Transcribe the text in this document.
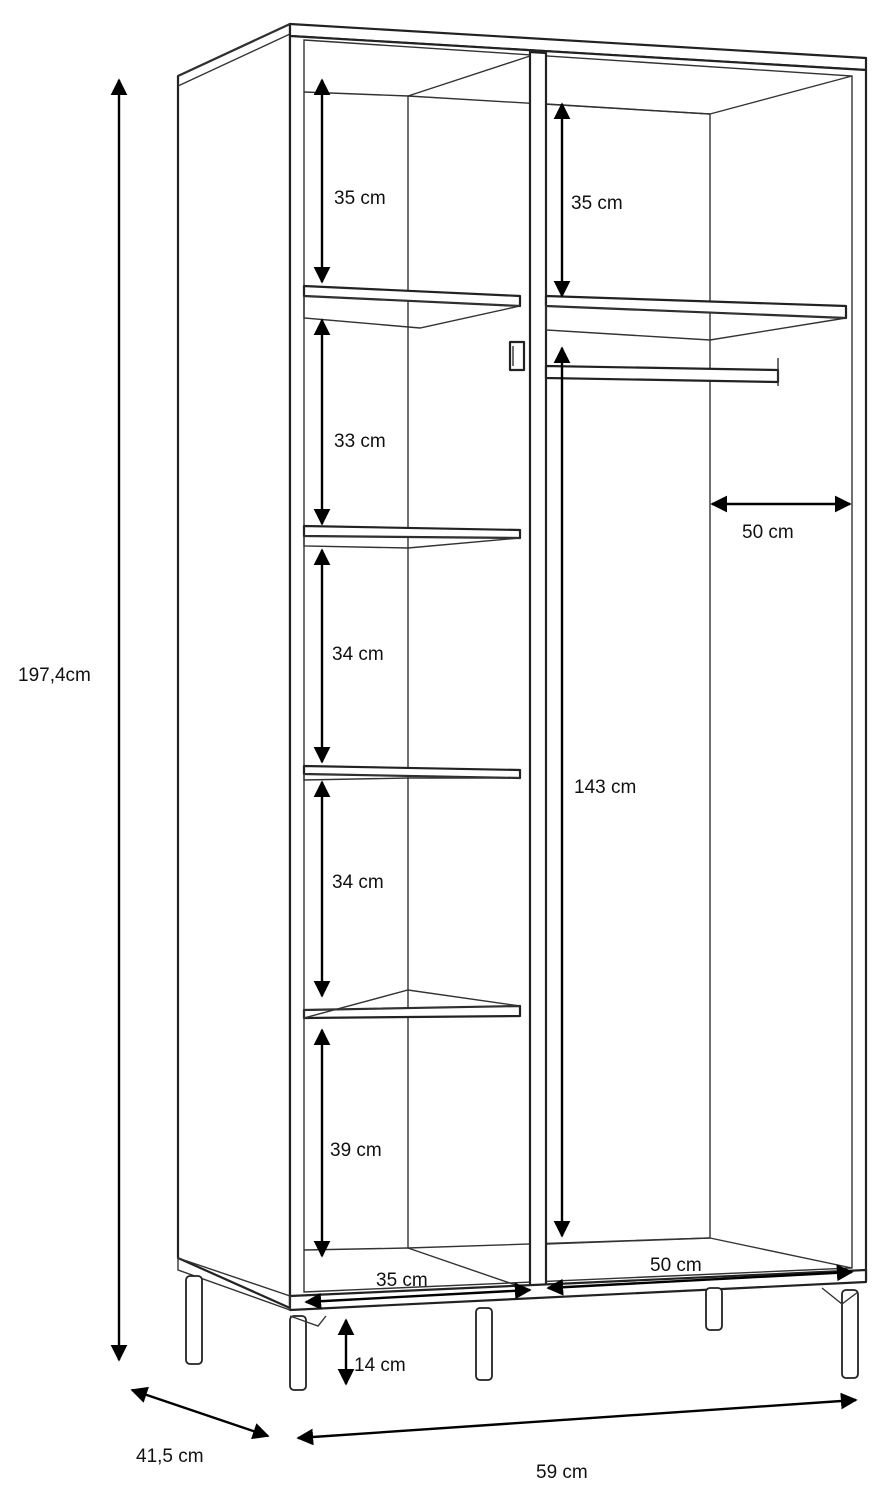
197,4cm
41,5 cm
59 cm
14 cm
35 cm
33 cm
34 cm
34 cm
39 cm
35 cm
35 cm
143 cm
50 cm
50 cm
